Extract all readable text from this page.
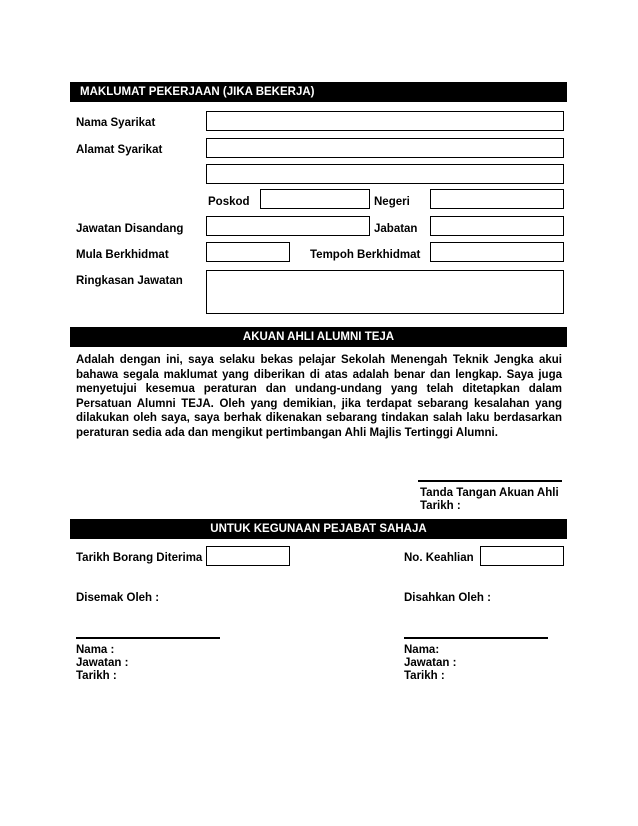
MAKLUMAT PEKERJAAN (JIKA BEKERJA)
Nama Syarikat
Alamat Syarikat
Poskod	Negeri
Jawatan Disandang	Jabatan
Mula Berkhidmat	Tempoh Berkhidmat
Ringkasan Jawatan
AKUAN AHLI ALUMNI TEJA
Adalah dengan ini, saya selaku bekas pelajar Sekolah Menengah Teknik Jengka akui bahawa segala maklumat yang diberikan di atas adalah benar dan lengkap. Saya juga menyetujui kesemua peraturan dan undang-undang yang telah ditetapkan dalam Persatuan Alumni TEJA. Oleh yang demikian, jika terdapat sebarang kesalahan yang dilakukan oleh saya, saya berhak dikenakan sebarang tindakan salah laku berdasarkan peraturan sedia ada dan mengikut pertimbangan Ahli Majlis Tertinggi Alumni.
Tanda Tangan Akuan Ahli
Tarikh :
UNTUK KEGUNAAN PEJABAT SAHAJA
Tarikh Borang Diterima	No. Keahlian
Disemak Oleh :	Disahkan Oleh :
Nama :
Jawatan :
Tarikh :
Nama:
Jawatan :
Tarikh :
